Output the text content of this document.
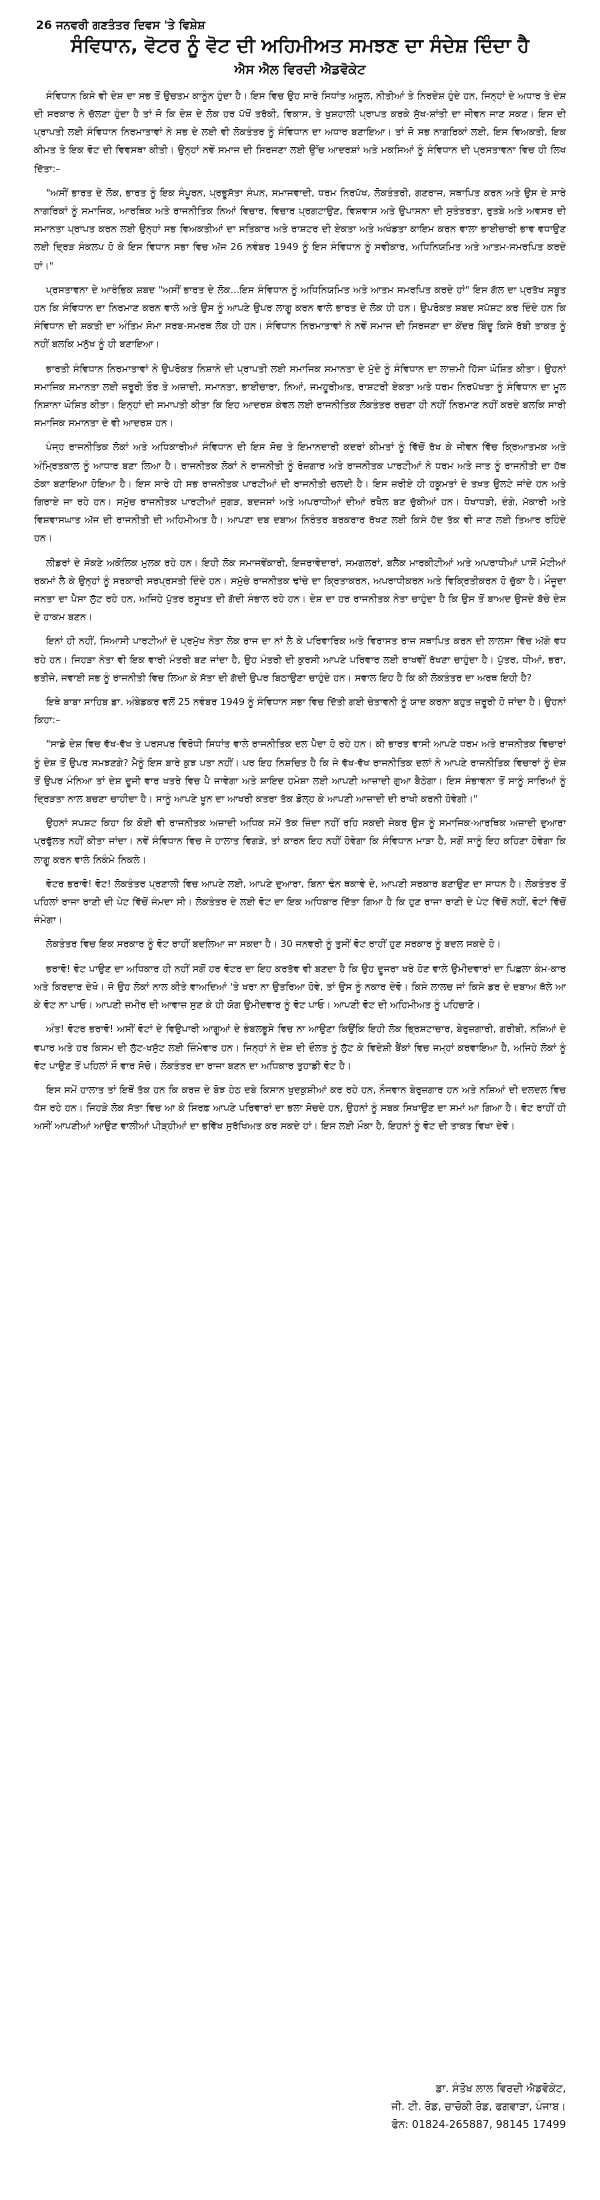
26 ਜਨਵਰੀ ਗਣਤੰਤਰ ਦਿਵਸ 'ਤੇ ਵਿਸ਼ੇਸ਼
ਸੰਵਿਧਾਨ, ਵੋਟਰ ਨੂੰ ਵੋਟ ਦੀ ਅਹਿਮੀਅਤ ਸਮਝਣ ਦਾ ਸੰਦੇਸ਼ ਦਿੰਦਾ ਹੈ
ਐਸ ਐਲ ਵਿਰਦੀ ਐਡਵੋਕੇਟ

ਸੰਵਿਧਾਨ ਕਿਸੇ ਵੀ ਦੇਸ਼ ਦਾ ਸਭ ਤੋਂ ਉਚਤਮ ਕਾਨੂੰਨ ਹੁੰਦਾ ਹੈ। ਇਸ ਵਿਚ ਉਹ ਸਾਰੇ ਸਿਧਾਂਤ ਅਸੂਲ, ਨੀਤੀਆਂ ਤੇ ਨਿਰਦੇਸ਼ ਹੁੰਦੇ ਹਨ, ਜਿਨ੍ਹਾਂ ਦੇ ਅਧਾਰ ਤੇ ਦੇਸ਼ ਦੀ ਸਰਕਾਰ ਨੇ ਚੱਲਣਾ ਹੁੰਦਾ ਹੈ ਤਾਂ ਜੋ ਕਿ ਦੇਸ਼ ਦੇ ਲੋਕ ਹਰ ਪੱਖੋਂ ਤਰੱਕੀ, ਵਿਕਾਸ, ਤੇ ਖੁਸ਼ਹਾਲੀ ਪ੍ਰਾਪਤ ਕਰਕੇ ਸੁੱਖ-ਸ਼ਾਂਤੀ ਦਾ ਜੀਵਨ ਜਾਣ ਸਕਣ। ਇਸ ਦੀ ਪ੍ਰਾਪਤੀ ਲਈ ਸੰਵਿਧਾਨ ਨਿਰਮਾਤਾਵਾਂ ਨੇ ਸਭ ਦੇ ਲਈ ਵੀ ਲੋਕਤੰਤਰ ਨੂੰ ਸੰਵਿਧਾਨ ਦਾ ਅਧਾਰ ਬਣਾਇਆ। ਤਾਂ ਜੋ ਸਭ ਨਾਗਰਿਕਾਂ ਲਈ, ਇਸ ਵਿਅਕਤੀ, ਇਕ ਕੀਮਤ ਤੇ ਇਕ ਵੋਟ ਦੀ ਵਿਵਸਥਾ ਕੀਤੀ। ਉਨ੍ਹਾਂ ਨਵੇਂ ਸਮਾਜ ਦੀ ਸਿਰਜਣਾ ਲਈ ਉੱਚ ਆਦਰਸ਼ਾਂ ਅਤੇ ਮਕਸਿਆਂ ਨੂੰ ਸੰਵਿਧਾਨ ਦੀ ਪ੍ਰਸਤਾਵਨਾ ਵਿਚ ਹੀ ਲਿਖ ਦਿੱਤਾ:–

"ਅਸੀਂ ਭਾਰਤ ਦੇ ਲੋਕ, ਭਾਰਤ ਨੂੰ ਇਕ ਸੰਪੂਰਨ, ਪ੍ਰਭੂਸੱਤਾ ਸੰਪਨ, ਸਮਾਜਵਾਦੀ, ਧਰਮ ਨਿਰਪੱਖ, ਲੋਕਤੰਤਰੀ, ਗਣਰਾਜ, ਸਥਾਪਿਤ ਕਰਨ ਅਤੇ ਉਸ ਦੇ ਸਾਰੇ ਨਾਗਰਿਕਾਂ ਨੂੰ ਸਮਾਜਿਕ, ਆਰਥਿਕ ਅਤੇ ਰਾਜਨੀਤਿਕ ਨਿਆਂ ਵਿਚਾਰ, ਵਿਚਾਰ ਪ੍ਰਗਟਾਉਣ, ਵਿਸ਼ਵਾਸ ਅਤੇ ਉਪਾਸਨਾ ਦੀ ਸੁਤੰਤਰਤਾ, ਰੁਤਬੇ ਅਤੇ ਅਵਸਰ ਦੀ ਸਮਾਨਤਾ ਪ੍ਰਾਪਤ ਕਰਨ ਲਈ ਉਨ੍ਹਾਂ ਸਭ ਵਿਅਕਤੀਆਂ ਦਾ ਸਤਿਕਾਰ ਅਤੇ ਰਾਸ਼ਟਰ ਦੀ ਏਕਤਾ ਅਤੇ ਅਖੰਡਤਾ ਕਾਇਮ ਕਰਨ ਵਾਲਾ ਭਾਈਚਾਰੀ ਭਾਵ ਵਧਾਉਣ ਲਈ ਦ੍ਰਿੜ ਸੰਕਲਪ ਹੋ ਕੇ ਇਸ ਵਿਧਾਨ ਸਭਾ ਵਿਚ ਅੱਜ 26 ਨਵੰਬਰ 1949 ਨੂੰ ਇਸ ਸੰਵਿਧਾਨ ਨੂੰ ਸਵੀਕਾਰ, ਅਧਿਨਿਯਮਿਤ ਅਤੇ ਆਤਮ-ਸਮਰਪਿਤ ਕਰਦੇ ਹਾਂ।"

ਪ੍ਰਸਤਾਵਨਾ ਦੇ ਆਰੰਭਿਕ ਸ਼ਬਦ "ਅਸੀਂ ਭਾਰਤ ਦੇ ਲੋਕ...ਇਸ ਸੰਵਿਧਾਨ ਨੂੰ ਅਧਿਨਿਯਮਿਤ ਅਤੇ ਆਤਮ ਸਮਰਪਿਤ ਕਰਦੇ ਹਾਂ" ਇਸ ਗੱਲ ਦਾ ਪ੍ਰਤੱਖ ਸਬੂਤ ਹਨ ਕਿ ਸੰਵਿਧਾਨ ਦਾ ਨਿਰਮਾਣ ਕਰਨ ਵਾਲੇ ਅਤੇ ਉਸ ਨੂੰ ਆਪਣੇ ਉਪਰ ਲਾਗੂ ਕਰਨ ਵਾਲੇ ਭਾਰਤ ਦੇ ਲੋਕ ਹੀ ਹਨ। ਉਪਰੋਕਤ ਸ਼ਬਦ ਸਪੱਸ਼ਟ ਕਰ ਦਿੰਦੇ ਹਨ ਕਿ ਸੰਵਿਧਾਨ ਦੀ ਸ਼ਕਤੀ ਦਾ ਅੰਤਿਮ ਸੋਮਾ ਸਰਬ-ਸਮਰਥ ਲੋਕ ਹੀ ਹਨ। ਸੰਵਿਧਾਨ ਨਿਰਮਾਤਾਵਾਂ ਨੇ ਨਵੇਂ ਸਮਾਜ ਦੀ ਸਿਰਜਣਾ ਦਾ ਕੇਂਦਰ ਬਿੰਦੂ ਕਿਸੇ ਰੱਬੀ ਤਾਕਤ ਨੂੰ ਨਹੀਂ ਬਲਕਿ ਮਨੁੱਖ ਨੂੰ ਹੀ ਬਣਾਇਆ।

ਭਾਰਤੀ ਸੰਵਿਧਾਨ ਨਿਰਮਾਤਾਵਾਂ ਨੇ ਉਪਰੋਕਤ ਨਿਸ਼ਾਨੇ ਦੀ ਪ੍ਰਾਪਤੀ ਲਈ ਸਮਾਜਿਕ ਸਮਾਨਤਾ ਦੇ ਮੁੱਦੇ ਨੂੰ ਸੰਵਿਧਾਨ ਦਾ ਲਾਜ਼ਮੀ ਹਿੱਸਾ ਘੋਸ਼ਿਤ ਕੀਤਾ। ਉਹਨਾਂ ਸਮਾਜਿਕ ਸਮਾਨਤਾ ਲਈ ਜ਼ਰੂਰੀ ਤੌਰ ਤੇ ਅਜ਼ਾਦੀ, ਸਮਾਨਤਾ, ਭਾਈਚਾਰਾ, ਨਿਆਂ, ਜਮਹੂਰੀਅਤ, ਰਾਸ਼ਟਰੀ ਏਕਤਾ ਅਤੇ ਧਰਮ ਨਿਰਪੱਖਤਾ ਨੂੰ ਸੰਵਿਧਾਨ ਦਾ ਮੂਲ ਨਿਸ਼ਾਨਾ ਘੋਸ਼ਿਤ ਕੀਤਾ। ਇਨ੍ਹਾਂ ਦੀ ਸਮਾਪਤੀ ਕੀਤਾ ਕਿ ਇਹ ਆਦਰਸ਼ ਕੇਵਲ ਲਈ ਰਾਜਨੀਤਿਕ ਲੋਕਤੰਤਰ ਰਚਣਾ ਹੀ ਨਹੀਂ ਨਿਰਮਾਣ ਨਹੀਂ ਕਰਦੇ ਬਲਕਿ ਸਾਰੀ ਸਮਾਜਿਕ ਸਮਾਨਤਾ ਦੇ ਵੀ ਆਦਰਸ਼ ਹਨ।

ਪੰਜ੍ਹ ਰਾਜਨੀਤਿਕ ਲੋਕਾਂ ਅਤੇ ਅਧਿਕਾਰੀਆਂ ਸੰਵਿਧਾਨ ਦੀ ਇਸ ਸੋਚ ਤੇ ਇਮਾਨਦਾਰੀ ਕਦਰਾਂ ਕੀਮਤਾਂ ਨੂੰ ਵਿੱਚੋਂ ਰੱਖ ਕੇ ਜੀਵਨ ਵਿੱਚ ਕ੍ਰਿਆਤਮਕ ਅਤੇ ਅੰਮ੍ਰਿਤਕਾਲ ਨੂੰ ਆਧਾਰ ਬਣਾ ਲਿਆ ਹੈ। ਰਾਜਨੀਤਕ ਲੋਕਾਂ ਨੇ ਰਾਜਨੀਤੀ ਨੂੰ ਰੋਜ਼ਗਾਰ ਅਤੇ ਰਾਜਨੀਤਕ ਪਾਰਟੀਆਂ ਨੇ ਧਰਮ ਅਤੇ ਜਾਤ ਨੂੰ ਰਾਜਨੀਤੀ ਦਾ ਹੱਥ ਠੋਕਾ ਬਣਾਇਆ ਹੋਇਆ ਹੈ। ਇਸ ਸਾਰੇ ਹੀ ਸਭ ਰਾਜਨੀਤਕ ਪਾਰਟੀਆਂ ਦੀ ਰਾਜਨੀਤੀ ਚਲਦੀ ਹੈ। ਇਸ ਜ਼ਰੀਏ ਹੀ ਹਕੂਮਤਾਂ ਦੇ ਤਖ਼ਤ ਉਲਟੇ ਜਾਂਦੇ ਹਨ ਅਤੇ ਗਿਰਾਏ ਜਾ ਰਹੇ ਹਨ। ਸਮੁੱਚ ਰਾਜਨੀਤਕ ਪਾਰਟੀਆਂ ਜੁਗੜ, ਬਦਜਸਾਂ ਅਤੇ ਅਪਰਾਧੀਆਂ ਦੀਆਂ ਰਖੈਲ ਬਣ ਚੁੱਕੀਆਂ ਹਨ। ਧੋਖਾਧੜੀ, ਦੰਗੇ, ਮੱਕਾਰੀ ਅਤੇ ਵਿਸ਼ਵਾਸਘਾਤ ਅੱਜ ਦੀ ਰਾਜਨੀਤੀ ਦੀ ਅਹਿਮੀਅਤ ਹੈ। ਆਪਣਾ ਦਬ ਦਬਾਅ ਨਿਰੰਤਰ ਬਰਕਰਾਰ ਰੱਖਣ ਲਈ ਕਿਸੇ ਹੱਦ ਤੱਕ ਵੀ ਜਾਣ ਲਈ ਤਿਆਰ ਰਹਿੰਦੇ ਹਨ।

ਲੀਡਰਾਂ ਦੇ ਸੋਕਣੇ ਅਕੋਲਿਕ ਮੁਲਕ ਰਹੇ ਹਨ। ਇਹੀ ਲੋਕ ਸਮਾਜਵੇਂਕਾਰੀ, ਇਜਰਾਵੇਦਾਰਾਂ, ਸਮਗਲਰਾਂ, ਬਲੈਕ ਮਾਰਕੀਟੀਆਂ ਅਤੇ ਅਪਰਾਧੀਆਂ ਪਾਸੋਂ ਮੋਟੀਆਂ ਰਕਮਾਂ ਲੈ ਕੇ ਉਨ੍ਹਾਂ ਨੂੰ ਸਰਕਾਰੀ ਸਰਪ੍ਰਸਤੀ ਦਿੰਦੇ ਹਨ। ਸਮੁੱਚੇ ਰਾਜਨੀਤਕ ਢਾਂਚੇ ਦਾ ਕ੍ਰਿਤਾਕਰਨ, ਅਪਰਾਧੀਕਰਨ ਅਤੇ ਵਿਕ੍ਰਿਤੀਕਰਨ ਹੋ ਚੁੱਕਾ ਹੈ। ਮੌਜੂਦਾ ਜਨਤਾ ਦਾ ਪੈਸਾ ਲੁੱਟ ਰਹੇ ਹਨ, ਅਜਿਹੇ ਪੁੱਤਰ ਰਸੂਖਤ ਦੀ ਗੱਦੀ ਸੰਭਾਲ ਰਹੇ ਹਨ। ਦੇਸ਼ ਦਾ ਹਰ ਰਾਜਨੀਤਕ ਨੇਤਾ ਚਾਹੁੰਦਾ ਹੈ ਕਿ ਉਸ ਤੋਂ ਬਾਅਦ ਉਸਦੇ ਬੱਚੇ ਦੇਸ਼ ਦੇ ਹਾਕਮ ਬਣਨ।

ਇਨਾਂ ਹੀ ਨਹੀਂ, ਸਿਆਸੀ ਪਾਰਟੀਆਂ ਦੇ ਪ੍ਰਮੁੱਖ ਨੇਤਾ ਲੋਕ ਰਾਜ ਦਾ ਨਾਂ ਲੈ ਕੇ ਪਰਿਵਾਰਿਕ ਅਤੇ ਵਿਰਾਸਤ ਰਾਜ ਸਥਾਪਿਤ ਕਰਨ ਦੀ ਲਾਲਸਾ ਵਿੱਚ ਅੱਗੇ ਵਧ ਰਹੇ ਹਨ। ਜਿਹੜਾ ਨੇਤਾ ਵੀ ਇਕ ਵਾਰੀ ਮੰਤਰੀ ਬਣ ਜਾਂਦਾ ਹੈ, ਉਹ ਮੰਤਰੀ ਦੀ ਕੁਰਸੀ ਆਪਣੇ ਪਰਿਵਾਰ ਲਈ ਰਾਖਵੀਂ ਰੱਖਣਾ ਚਾਹੁੰਦਾ ਹੈ। ਪੁੱਤਰ, ਧੀਆਂ, ਭਰਾ, ਭਤੀਜੇ, ਜਵਾਈ ਸਭ ਨੂੰ ਰਾਜਨੀਤੀ ਵਿਚ ਲਿਆ ਕੇ ਸੱਤਾ ਦੀ ਗੱਦੀ ਉਪਰ ਬਿਠਾਉਣਾ ਚਾਹੁੰਦੇ ਹਨ। ਸਵਾਲ ਇਹ ਹੈ ਕਿ ਕੀ ਲੋਕਤੰਤਰ ਦਾ ਅਰਥ ਇਹੀ ਹੈ?

ਇਥੇ ਬਾਬਾ ਸਾਹਿਬ ਡਾ. ਅੰਬੇਡਕਰ ਵਲੋਂ 25 ਨਵੰਬਰ 1949 ਨੂੰ ਸੰਵਿਧਾਨ ਸਭਾ ਵਿਚ ਦਿੱਤੀ ਗਈ ਚੇਤਾਵਨੀ ਨੂੰ ਯਾਦ ਕਰਨਾ ਬਹੁਤ ਜ਼ਰੂਰੀ ਹੋ ਜਾਂਦਾ ਹੈ। ਉਹਨਾਂ ਕਿਹਾ:–

"ਸਾਡੇ ਦੇਸ਼ ਵਿਚ ਵੱਖ-ਵੱਖ ਤੇ ਪਰਸਪਰ ਵਿਰੋਧੀ ਸਿਧਾਂਤ ਵਾਲੇ ਰਾਜਨੀਤਿਕ ਦਲ ਪੈਦਾ ਹੋ ਰਹੇ ਹਨ। ਕੀ ਭਾਰਤ ਵਾਸੀ ਆਪਣੇ ਧਰਮ ਅਤੇ ਰਾਜਨੀਤਕ ਵਿਚਾਰਾਂ ਨੂੰ ਦੇਸ਼ ਤੋਂ ਉਪਰ ਸਮਝਣਗੇ? ਮੈਨੂੰ ਇਸ ਬਾਰੇ ਕੁਝ ਪਤਾ ਨਹੀਂ। ਪਰ ਇਹ ਨਿਸ਼ਚਿਤ ਹੈ ਕਿ ਜੇ ਵੱਖ-ਵੱਖ ਰਾਜਨੀਤਿਕ ਦਲਾਂ ਨੇ ਆਪਣੇ ਰਾਜਨੀਤਿਕ ਵਿਚਾਰਾਂ ਨੂੰ ਦੇਸ਼ ਤੋਂ ਉਪਰ ਮੰਨਿਆ ਤਾਂ ਦੇਸ਼ ਦੂਜੀ ਵਾਰ ਖਤਰੇ ਵਿਚ ਪੈ ਜਾਵੇਗਾ ਅਤੇ ਸ਼ਾਇਦ ਹਮੇਸ਼ਾ ਲਈ ਆਪਣੀ ਆਜ਼ਾਦੀ ਗੁਆ ਬੈਠੇਗਾ। ਇਸ ਸੰਭਾਵਨਾ ਤੋਂ ਸਾਨੂੰ ਸਾਰਿਆਂ ਨੂੰ ਦ੍ਰਿੜਤਾ ਨਾਲ ਬਚਣਾ ਚਾਹੀਦਾ ਹੈ। ਸਾਨੂੰ ਆਪਣੇ ਖੂਨ ਦਾ ਆਖਰੀ ਕਤਰਾ ਤੱਕ ਡੋਲ੍ਹ ਕੇ ਆਪਣੀ ਆਜ਼ਾਦੀ ਦੀ ਰਾਖੀ ਕਰਨੀ ਹੋਵੇਗੀ।"

ਉਹਨਾਂ ਸਪਸ਼ਟ ਕਿਹਾ ਕਿ ਕੋਈ ਵੀ ਰਾਜਨੀਤਕ ਅਜ਼ਾਦੀ ਅਧਿਕ ਸਮੇਂ ਤੱਕ ਜ਼ਿੰਦਾ ਨਹੀਂ ਰਹਿ ਸਕਦੀ ਜੇਕਰ ਉਸ ਨੂੰ ਸਮਾਜਿਕ-ਆਰਥਿਕ ਅਜ਼ਾਦੀ ਦੁਆਰਾ ਪ੍ਰਫੁੱਲਤ ਨਹੀਂ ਕੀਤਾ ਜਾਂਦਾ। ਨਵੇਂ ਸੰਵਿਧਾਨ ਵਿਚ ਜੇ ਹਾਲਾਤ ਵਿਗੜੇ, ਤਾਂ ਕਾਰਨ ਇਹ ਨਹੀਂ ਹੋਵੇਗਾ ਕਿ ਸੰਵਿਧਾਨ ਮਾੜਾ ਹੈ, ਸਗੋਂ ਸਾਨੂੰ ਇਹ ਕਹਿਣਾ ਹੋਵੇਗਾ ਕਿ ਲਾਗੂ ਕਰਨ ਵਾਲੇ ਨਿਕੰਮੇ ਨਿਕਲੇ।

ਵੋਟਰ ਭਰਾਵੋ! ਵੋਟ! ਲੋਕਤੰਤਰ ਪ੍ਰਣਾਲੀ ਵਿਚ ਆਪਣੇ ਲਈ, ਆਪਣੇ ਦੁਆਰਾ, ਬਿਨਾ ਢੰਨ ਥਕਾਵੇ ਦੇ, ਆਪਣੀ ਸਰਕਾਰ ਬਣਾਉਣ ਦਾ ਸਾਧਨ ਹੈ। ਲੋਕਤੰਤਰ ਤੋਂ ਪਹਿਲਾਂ ਰਾਜਾ ਰਾਣੀ ਦੀ ਪੇਟ ਵਿੱਚੋਂ ਜੰਮਦਾ ਸੀ। ਲੋਕਤੰਤਰ ਦੇ ਲਈ ਵੋਟ ਦਾ ਇਕ ਅਧਿਕਾਰ ਦਿੱਤਾ ਗਿਆ ਹੈ ਕਿ ਹੁਣ ਰਾਜਾ ਰਾਣੀ ਦੇ ਪੇਟ ਵਿੱਚੋਂ ਨਹੀਂ, ਵੋਟਾਂ ਵਿੱਚੋਂ ਜੰਮੇਗਾ।

ਲੋਕਤੰਤਰ ਵਿਚ ਇਕ ਸਰਕਾਰ ਨੂੰ ਵੋਟ ਰਾਹੀਂ ਬਦਲਿਆ ਜਾ ਸਕਦਾ ਹੈ। 30 ਜਨਵਰੀ ਨੂੰ ਤੁਸੀਂ ਵੋਟ ਰਾਹੀਂ ਹੁਣ ਸਰਕਾਰ ਨੂੰ ਬਦਲ ਸਕਦੇ ਹੋ।

ਭਰਾਵੋ! ਵੋਟ ਪਾਉਣ ਦਾ ਅਧਿਕਾਰ ਹੀ ਨਹੀਂ ਸਗੋਂ ਹਰ ਵੋਟਰ ਦਾ ਇਹ ਕਰਤੱਵ ਵੀ ਬਣਦਾ ਹੈ ਕਿ ਉਹ ਦੂਜਰਾ ਖਰੇ ਹੋਣ ਵਾਲੇ ਉਮੀਦਵਾਰਾਂ ਦਾ ਪਿਛਲਾ ਕੰਮ-ਕਾਰ ਅਤੇ ਕਿਰਦਾਰ ਦੇਖੋ। ਜੋ ਉਹ ਲੋਕਾਂ ਨਾਲ ਕੀਤੇ ਵਾਅਦਿਆਂ 'ਤੇ ਖਰਾ ਨਾ ਉਤਰਿਆ ਹੋਵੇ, ਤਾਂ ਉਸ ਨੂੰ ਨਕਾਰ ਦੇਵੋ। ਕਿਸੇ ਲਾਲਚ ਜਾਂ ਕਿਸੇ ਡਰ ਦੇ ਦਬਾਅ ਥੱਲੇ ਆ ਕੇ ਵੋਟ ਨਾ ਪਾਓ। ਆਪਣੀ ਜ਼ਮੀਰ ਦੀ ਆਵਾਜ਼ ਸੁਣ ਕੇ ਹੀ ਯੋਗ ਉਮੀਦਵਾਰ ਨੂੰ ਵੋਟ ਪਾਓ। ਆਪਣੀ ਵੋਟ ਦੀ ਅਹਿਮੀਅਤ ਨੂੰ ਪਹਿਚਾਣੋ।

ਅੰਤ! ਵੋਟਰ ਭਰਾਵੋ! ਅਸੀਂ ਵੋਟਾਂ ਦੇ ਵਿਉਪਾਰੀ ਆਗੂਆਂ ਦੇ ਭੰਬਲਭੂਸੇ ਵਿਚ ਨਾ ਆਉਣਾ ਕਿਉਂਕਿ ਇਹੀ ਲੋਕ ਭ੍ਰਿਸ਼ਟਾਚਾਰ, ਬੇਰੁਜ਼ਗਾਰੀ, ਗਰੀਬੀ, ਨਸ਼ਿਆਂ ਦੇ ਵਪਾਰ ਅਤੇ ਹਰ ਕਿਸਮ ਦੀ ਲੁੱਟ-ਖਸੁੱਟ ਲਈ ਜ਼ਿੰਮੇਵਾਰ ਹਨ। ਜਿਨ੍ਹਾਂ ਨੇ ਦੇਸ਼ ਦੀ ਦੌਲਤ ਨੂੰ ਲੁੱਟ ਕੇ ਵਿਦੇਸ਼ੀ ਬੈਂਕਾਂ ਵਿਚ ਜਮ੍ਹਾਂ ਕਰਵਾਇਆ ਹੈ, ਅਜਿਹੇ ਲੋਕਾਂ ਨੂੰ ਵੋਟ ਪਾਉਣ ਤੋਂ ਪਹਿਲਾਂ ਸੌ ਵਾਰ ਸੋਚੋ। ਲੋਕਤੰਤਰ ਦਾ ਰਾਜਾ ਬਣਨ ਦਾ ਅਧਿਕਾਰ ਤੁਹਾਡੀ ਵੋਟ ਹੈ।

ਇਸ ਸਮੇਂ ਹਾਲਾਤ ਤਾਂ ਇਥੋਂ ਤੱਕ ਹਨ ਕਿ ਕਰਜ਼ ਦੇ ਬੋਝ ਹੇਠ ਦਬੇ ਕਿਸਾਨ ਖੁਦਕੁਸ਼ੀਆਂ ਕਰ ਰਹੇ ਹਨ, ਨੌਜਵਾਨ ਬੇਰੁਜ਼ਗਾਰ ਹਨ ਅਤੇ ਨਸ਼ਿਆਂ ਦੀ ਦਲਦਲ ਵਿਚ ਧੱਸ ਰਹੇ ਹਨ। ਜਿਹੜੇ ਲੋਕ ਸੱਤਾ ਵਿਚ ਆ ਕੇ ਸਿਰਫ਼ ਆਪਣੇ ਪਰਿਵਾਰਾਂ ਦਾ ਭਲਾ ਸੋਚਦੇ ਹਨ, ਉਹਨਾਂ ਨੂੰ ਸਬਕ ਸਿਖਾਉਣ ਦਾ ਸਮਾਂ ਆ ਗਿਆ ਹੈ। ਵੋਟ ਰਾਹੀਂ ਹੀ ਅਸੀਂ ਆਪਣੀਆਂ ਆਉਣ ਵਾਲੀਆਂ ਪੀੜ੍ਹੀਆਂ ਦਾ ਭਵਿੱਖ ਸੁਰੱਖਿਅਤ ਕਰ ਸਕਦੇ ਹਾਂ। ਇਸ ਲਈ ਮੌਕਾ ਹੈ, ਇਹਨਾਂ ਨੂੰ ਵੋਟ ਦੀ ਤਾਕਤ ਵਿਖਾ ਦੇਵੋ।

ਡਾ. ਸੰਤੋਖ ਲਾਲ ਵਿਰਦੀ ਐਡਵੋਕੇਟ,
ਜੀ. ਟੀ. ਰੋਡ, ਚਾਚੋਕੀ ਰੋਡ, ਫਗਵਾੜਾ, ਪੰਜਾਬ।
ਫੋਨ: 01824-265887, 98145 17499
